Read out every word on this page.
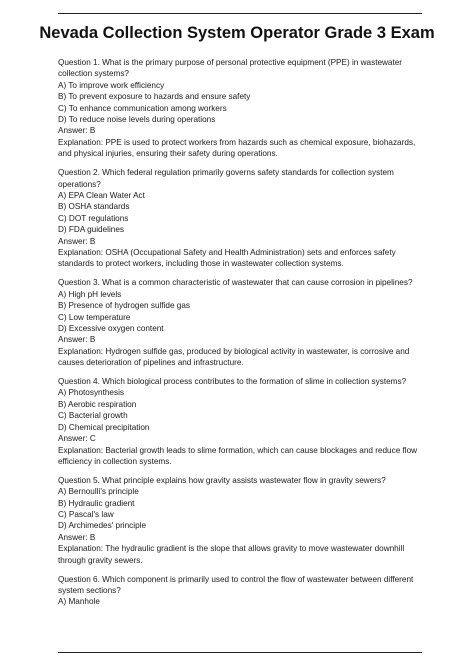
Nevada Collection System Operator Grade 3 Exam
Question 1. What is the primary purpose of personal protective equipment (PPE) in wastewater
collection systems?
A) To improve work efficiency
B) To prevent exposure to hazards and ensure safety
C) To enhance communication among workers
D) To reduce noise levels during operations
Answer: B
Explanation: PPE is used to protect workers from hazards such as chemical exposure, biohazards,
and physical injuries, ensuring their safety during operations.
Question 2. Which federal regulation primarily governs safety standards for collection system
operations?
A) EPA Clean Water Act
B) OSHA standards
C) DOT regulations
D) FDA guidelines
Answer: B
Explanation: OSHA (Occupational Safety and Health Administration) sets and enforces safety
standards to protect workers, including those in wastewater collection systems.
Question 3. What is a common characteristic of wastewater that can cause corrosion in pipelines?
A) High pH levels
B) Presence of hydrogen sulfide gas
C) Low temperature
D) Excessive oxygen content
Answer: B
Explanation: Hydrogen sulfide gas, produced by biological activity in wastewater, is corrosive and
causes deterioration of pipelines and infrastructure.
Question 4. Which biological process contributes to the formation of slime in collection systems?
A) Photosynthesis
B) Aerobic respiration
C) Bacterial growth
D) Chemical precipitation
Answer: C
Explanation: Bacterial growth leads to slime formation, which can cause blockages and reduce flow
efficiency in collection systems.
Question 5. What principle explains how gravity assists wastewater flow in gravity sewers?
A) Bernoulli's principle
B) Hydraulic gradient
C) Pascal's law
D) Archimedes' principle
Answer: B
Explanation: The hydraulic gradient is the slope that allows gravity to move wastewater downhill
through gravity sewers.
Question 6. Which component is primarily used to control the flow of wastewater between different
system sections?
A) Manhole
